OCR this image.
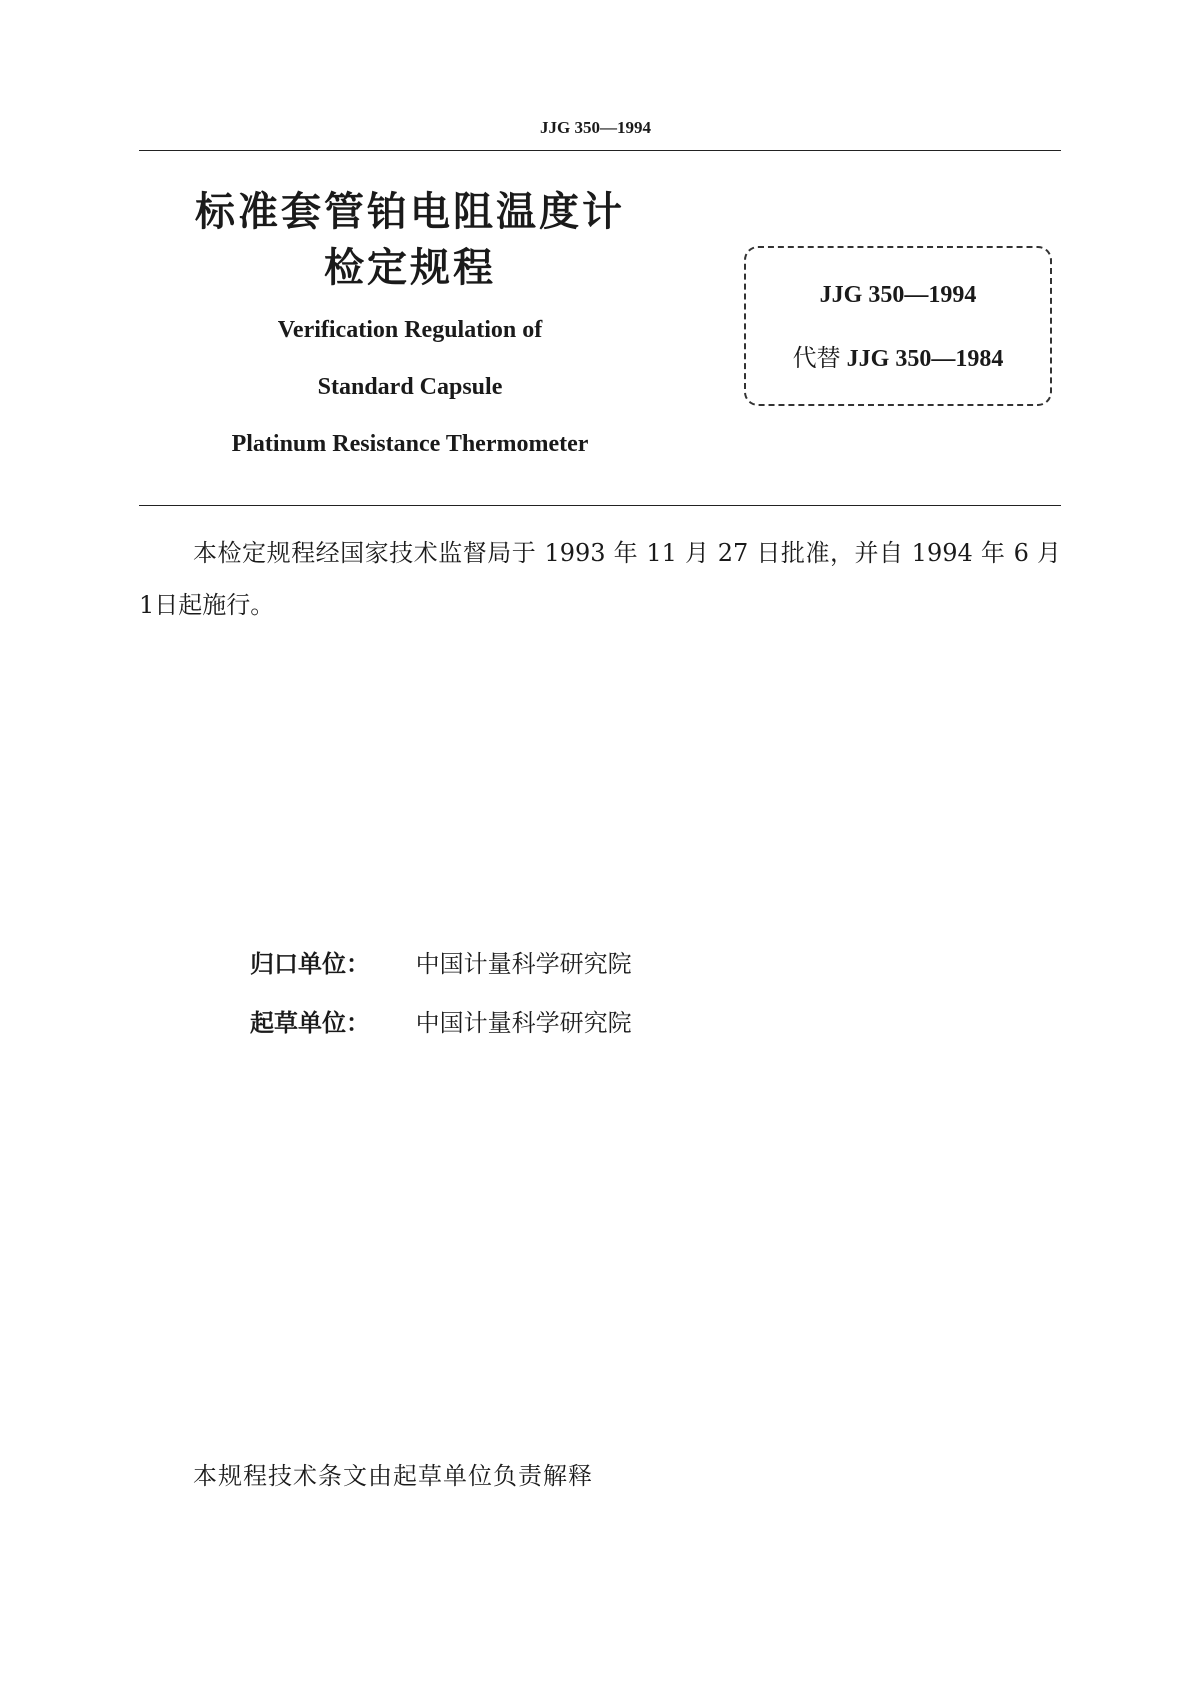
JJG 350—1994
标准套管铂电阻温度计
检定规程
Verification Regulation of
Standard Capsule
Platinum Resistance Thermometer
JJG 350—1994
代替 JJG 350—1984
本检定规程经国家技术监督局于 1993 年 11 月 27 日批准，并自 1994 年 6 月 1日起施行。
归口单位： 中国计量科学研究院
起草单位： 中国计量科学研究院
本规程技术条文由起草单位负责解释
